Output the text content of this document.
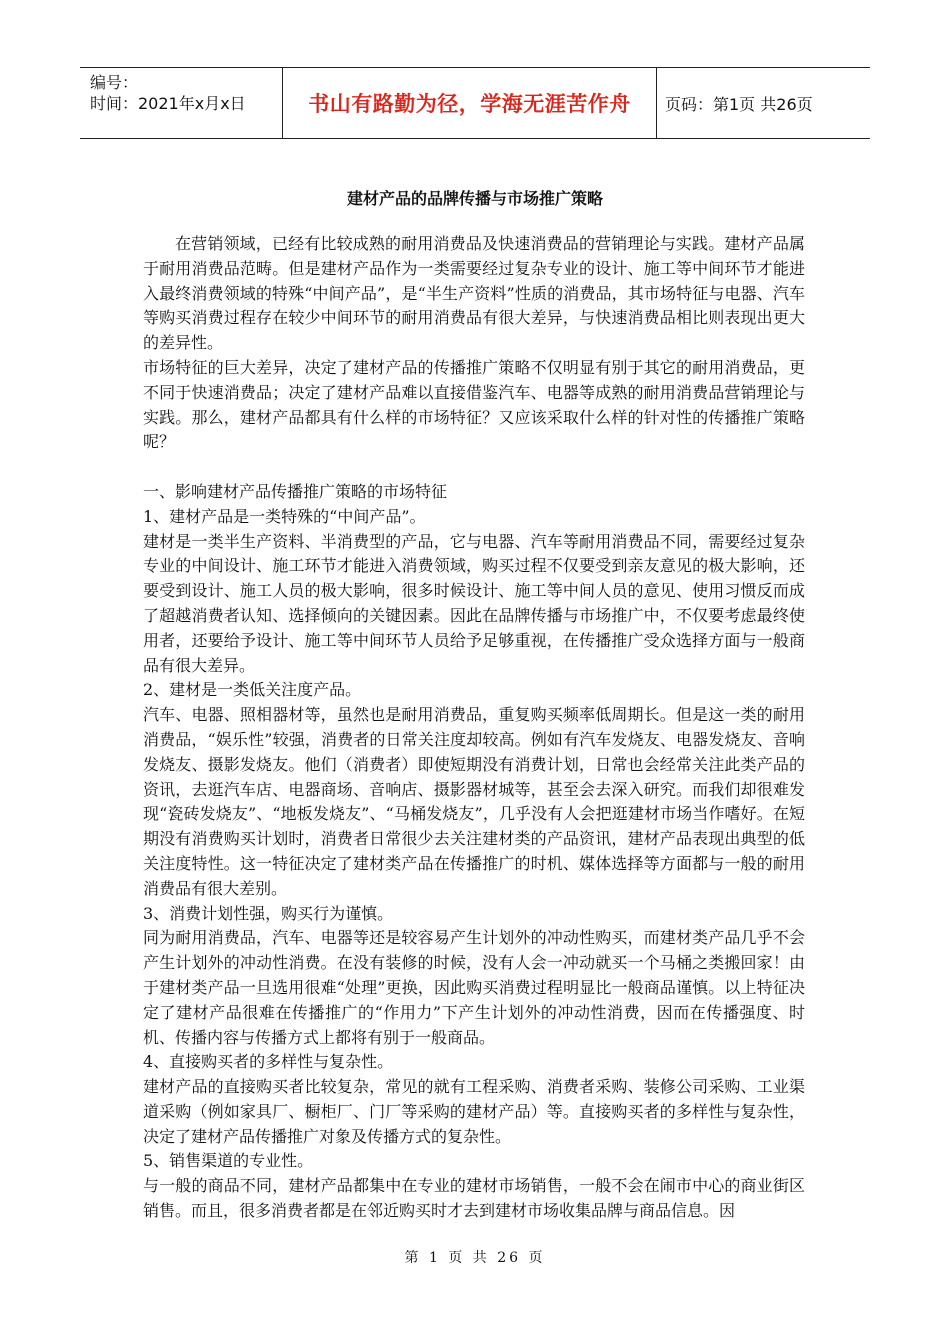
编号：
时间：2021年x月x日	书山有路勤为径，学海无涯苦作舟 页码：第1页 共26页
建材产品的品牌传播与市场推广策略

在营销领域，已经有比较成熟的耐用消费品及快速消费品的营销理论与实践。建材产品属于耐用消费品范畴。但是建材产品作为一类需要经过复杂专业的设计、施工等中间环节才能进入最终消费领域的特殊“中间产品”，是“半生产资料”性质的消费品，其市场特征与电器、汽车等购买消费过程存在较少中间环节的耐用消费品有很大差异，与快速消费品相比则表现出更大的差异性。

市场特征的巨大差异，决定了建材产品的传播推广策略不仅明显有别于其它的耐用消费品，更不同于快速消费品；决定了建材产品难以直接借鉴汽车、电器等成熟的耐用消费品营销理论与实践。那么，建材产品都具有什么样的市场特征？又应该采取什么样的针对性的传播推广策略呢？

一、影响建材产品传播推广策略的市场特征

1、建材产品是一类特殊的“中间产品”。

建材是一类半生产资料、半消费型的产品，它与电器、汽车等耐用消费品不同，需要经过复杂专业的中间设计、施工环节才能进入消费领域，购买过程不仅要受到亲友意见的极大影响，还要受到设计、施工人员的极大影响，很多时候设计、施工等中间人员的意见、使用习惯反而成了超越消费者认知、选择倾向的关键因素。因此在品牌传播与市场推广中，不仅要考虑最终使用者，还要给予设计、施工等中间环节人员给予足够重视，在传播推广受众选择方面与一般商品有很大差异。

2、建材是一类低关注度产品。

汽车、电器、照相器材等，虽然也是耐用消费品，重复购买频率低周期长。但是这一类的耐用消费品，“娱乐性”较强，消费者的日常关注度却较高。例如有汽车发烧友、电器发烧友、音响发烧友、摄影发烧友。他们（消费者）即使短期没有消费计划，日常也会经常关注此类产品的资讯，去逛汽车店、电器商场、音响店、摄影器材城等，甚至会去深入研究。而我们却很难发现“瓷砖发烧友”、“地板发烧友”、“马桶发烧友”，几乎没有人会把逛建材市场当作嗜好。在短期没有消费购买计划时，消费者日常很少去关注建材类的产品资讯，建材产品表现出典型的低关注度特性。这一特征决定了建材类产品在传播推广的时机、媒体选择等方面都与一般的耐用消费品有很大差别。

3、消费计划性强，购买行为谨慎。

同为耐用消费品，汽车、电器等还是较容易产生计划外的冲动性购买，而建材类产品几乎不会产生计划外的冲动性消费。在没有装修的时候，没有人会一冲动就买一个马桶之类搬回家！由于建材类产品一旦选用很难“处理”更换，因此购买消费过程明显比一般商品谨慎。以上特征决定了建材产品很难在传播推广的“作用力”下产生计划外的冲动性消费，因而在传播强度、时机、传播内容与传播方式上都将有别于一般商品。

4、直接购买者的多样性与复杂性。

建材产品的直接购买者比较复杂，常见的就有工程采购、消费者采购、装修公司采购、工业渠道采购（例如家具厂、橱柜厂、门厂等采购的建材产品）等。直接购买者的多样性与复杂性，决定了建材产品传播推广对象及传播方式的复杂性。

5、销售渠道的专业性。

与一般的商品不同，建材产品都集中在专业的建材市场销售，一般不会在闹市中心的商业街区销售。而且，很多消费者都是在邻近购买时才去到建材市场收集品牌与商品信息。因

第 1 页 共 26 页
